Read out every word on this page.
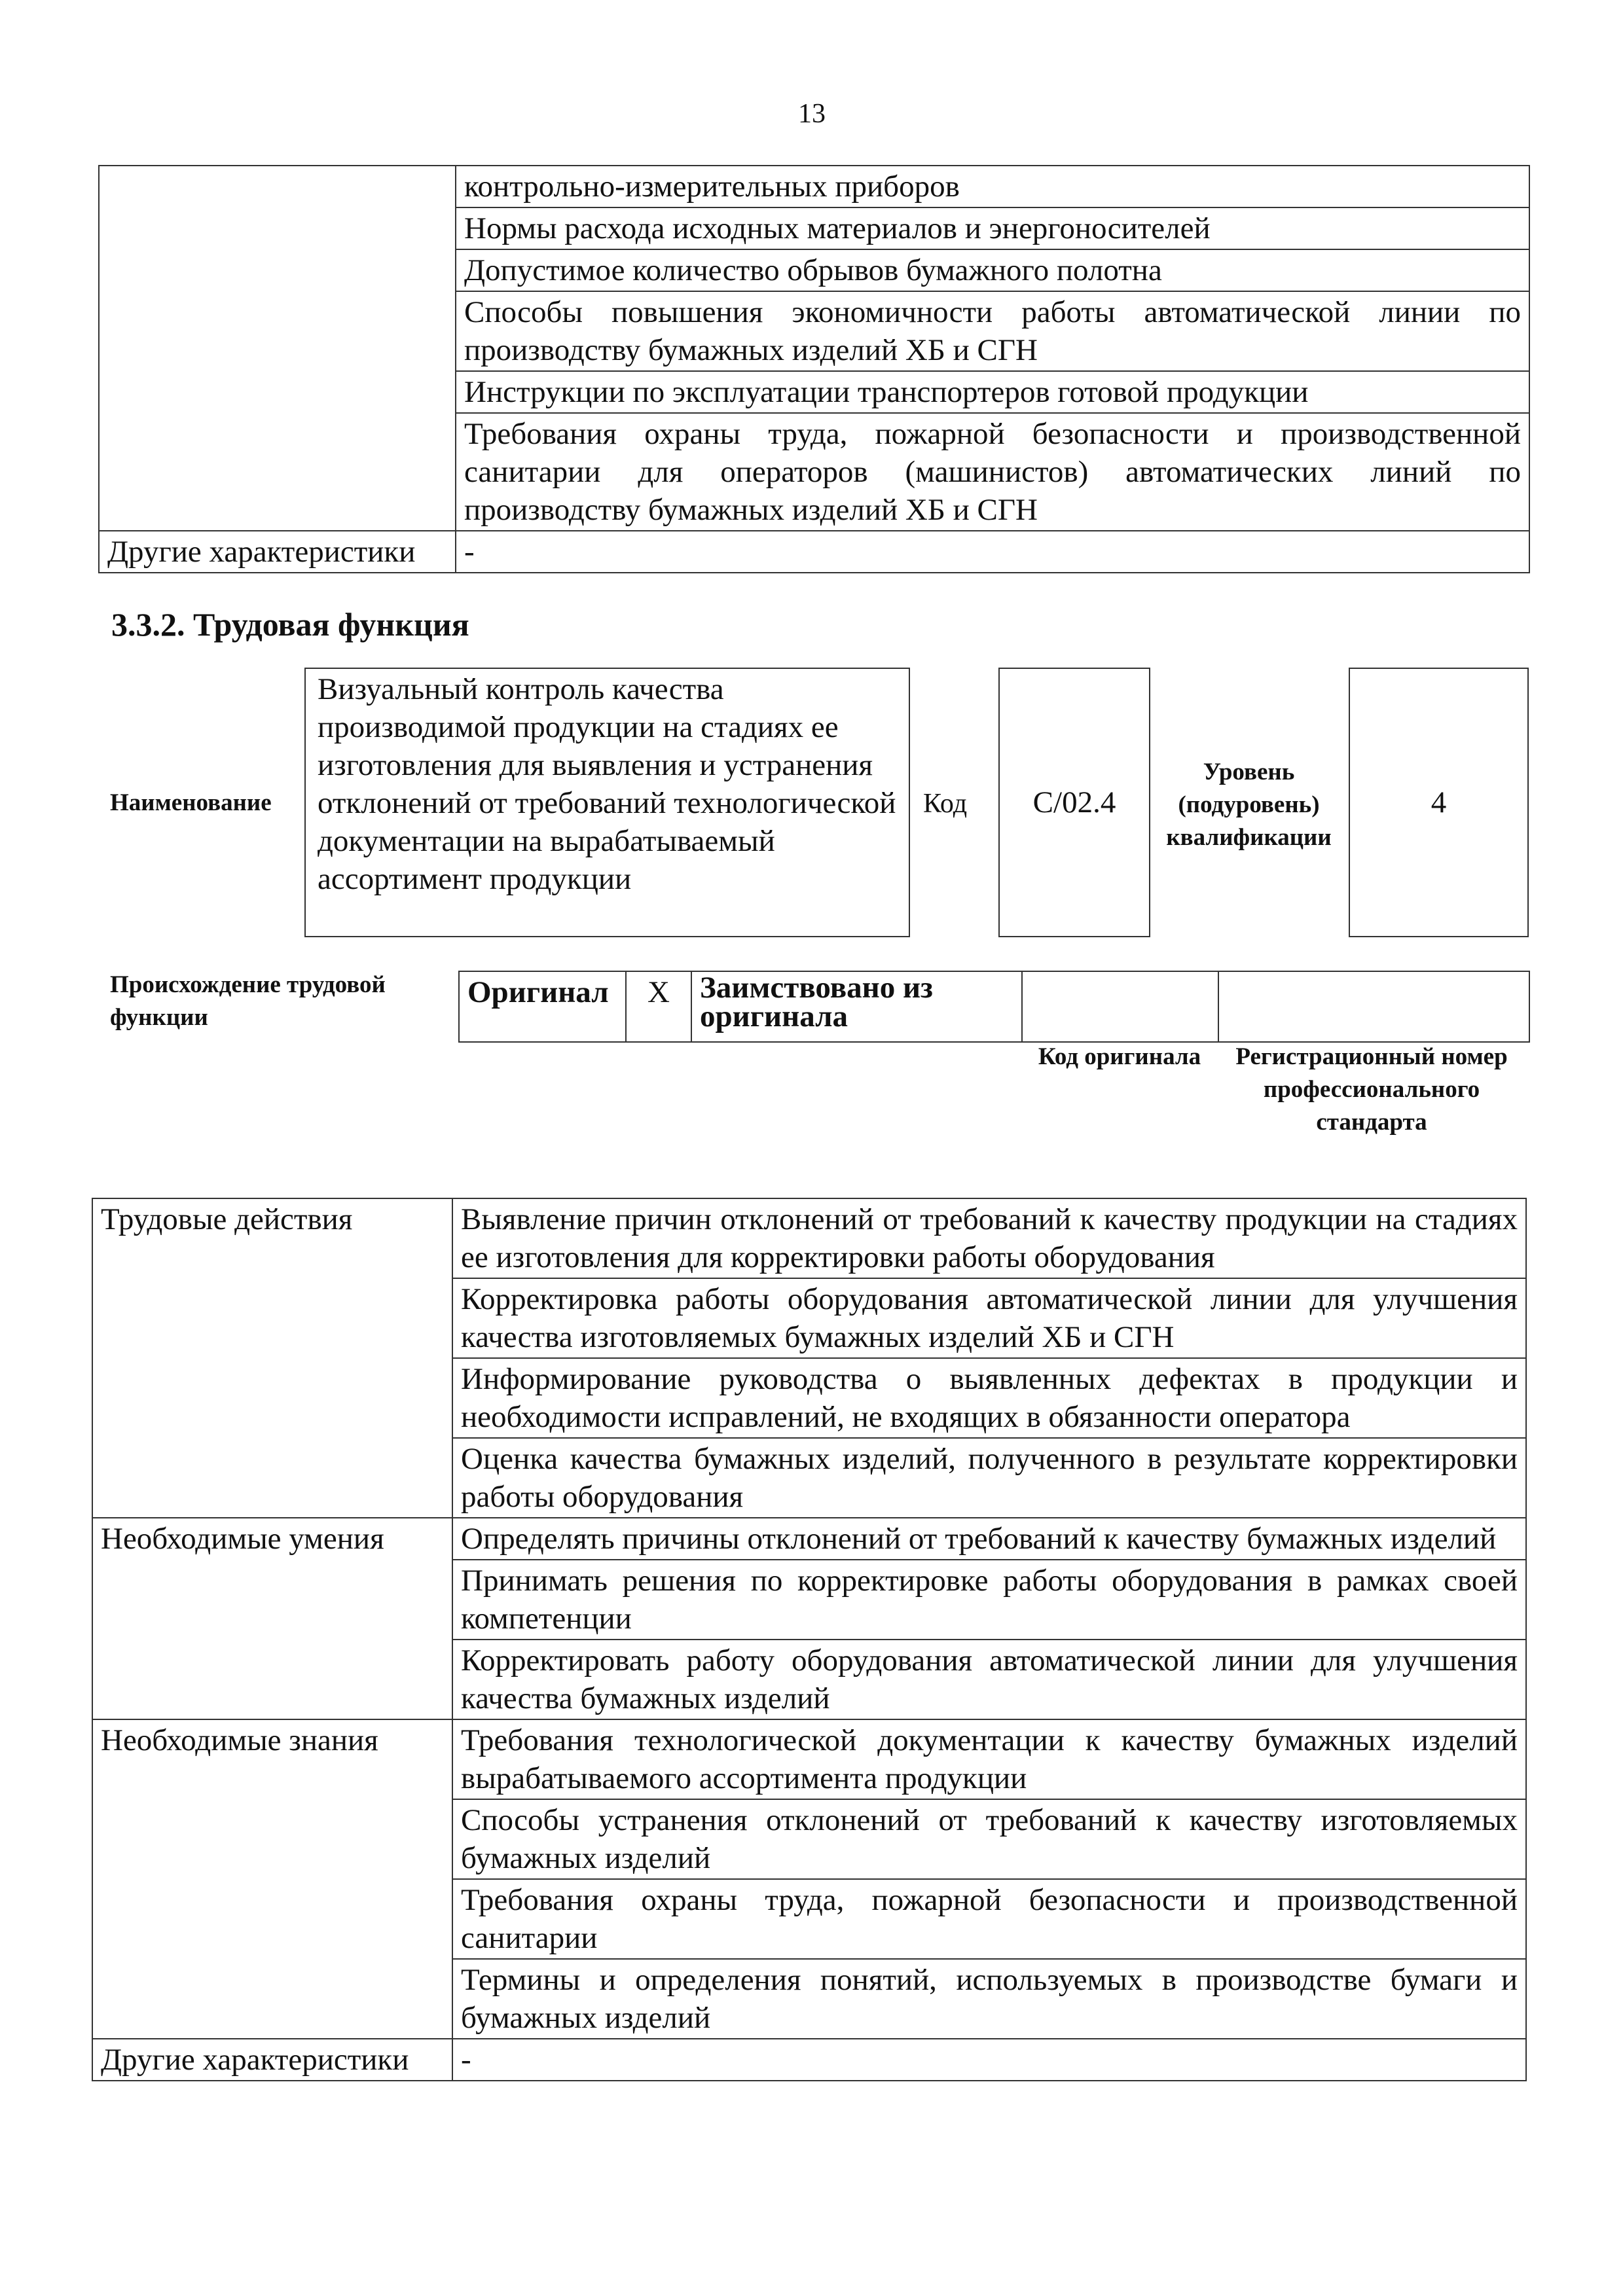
13
	контрольно-измерительных приборов
	Нормы расхода исходных материалов и энергоносителей
	Допустимое количество обрывов бумажного полотна
	Способы повышения экономичности работы автоматической линии по производству бумажных изделий ХБ и СГН
	Инструкции по эксплуатации транспортеров готовой продукции
	Требования охраны труда, пожарной безопасности и производственной санитарии для операторов (машинистов) автоматических линий по производству бумажных изделий ХБ и СГН
Другие характеристики	-
3.3.2. Трудовая функция
Наименование
Визуальный контроль качества производимой продукции на стадиях ее изготовления для выявления и устранения отклонений от требований технологической документации на вырабатываемый ассортимент продукции
Код С/02.4
Уровень (подуровень) квалификации
4
Происхождение трудовой функции
Оригинал	X	Заимствовано из оригинала		
Код оригинала	Регистрационный номер профессионального стандарта
Трудовые действия	Выявление причин отклонений от требований к качеству продукции на стадиях ее изготовления для корректировки работы оборудования
	Корректировка работы оборудования автоматической линии для улучшения качества изготовляемых бумажных изделий ХБ и СГН
	Информирование руководства о выявленных дефектах в продукции и необходимости исправлений, не входящих в обязанности оператора
	Оценка качества бумажных изделий, полученного в результате корректировки работы оборудования
Необходимые умения	Определять причины отклонений от требований к качеству бумажных изделий
	Принимать решения по корректировке работы оборудования в рамках своей компетенции
	Корректировать работу оборудования автоматической линии для улучшения качества бумажных изделий
Необходимые знания	Требования технологической документации к качеству бумажных изделий вырабатываемого ассортимента продукции
	Способы устранения отклонений от требований к качеству изготовляемых бумажных изделий
	Требования охраны труда, пожарной безопасности и производственной санитарии
	Термины и определения понятий, используемых в производстве бумаги и бумажных изделий
Другие характеристики	-
